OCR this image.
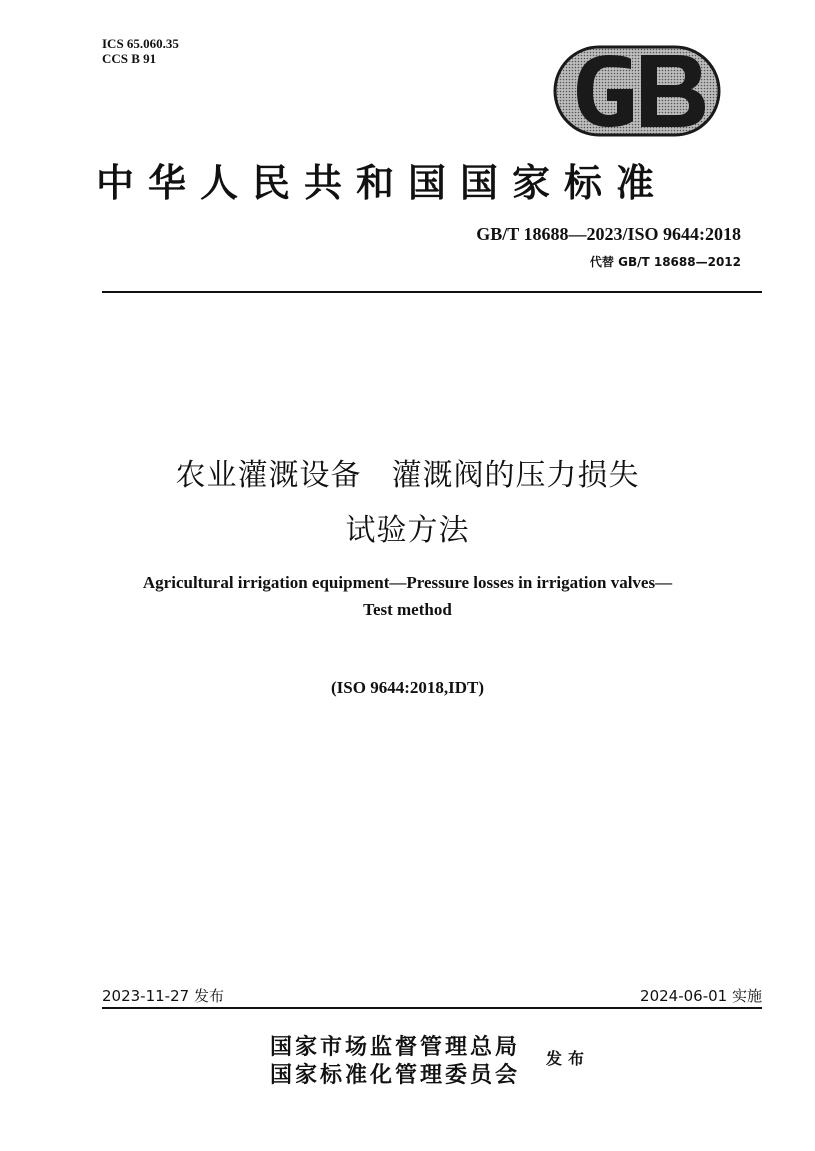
ICS 65.060.35
CCS B 91
中华人民共和国国家标准
GB/T 18688—2023/ISO 9644:2018
代替 GB/T 18688—2012
农业灌溉设备 灌溉阀的压力损失
试验方法
Agricultural irrigation equipment—Pressure losses in irrigation valves—
Test method
(ISO 9644:2018,IDT)
2023-11-27 发布	2024-06-01 实施
国家市场监督管理总局
国家标准化管理委员会
发布
